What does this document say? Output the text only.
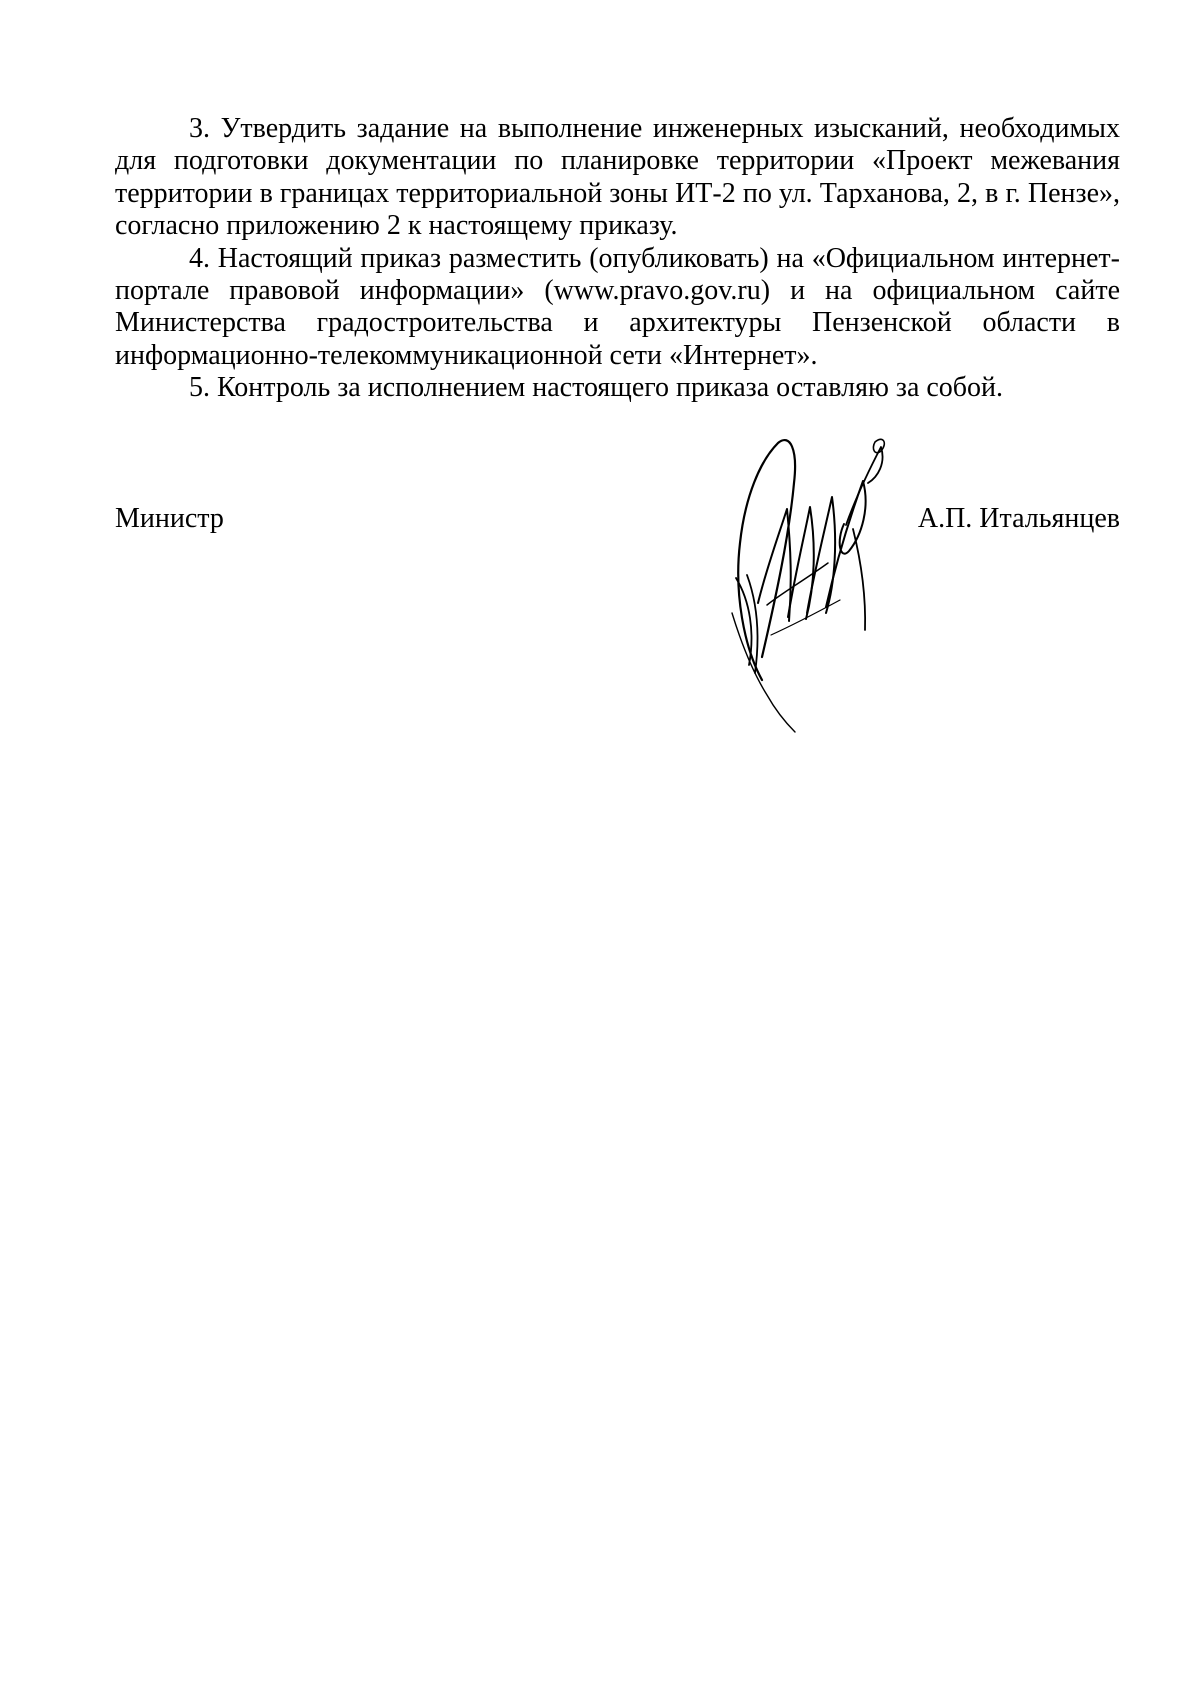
3. Утвердить задание на выполнение инженерных изысканий, необходимых для подготовки документации по планировке территории «Проект межевания территории в границах территориальной зоны ИТ-2 по ул. Тарханова, 2, в г. Пензе», согласно приложению 2 к настоящему приказу.

4. Настоящий приказ разместить (опубликовать) на «Официальном интернет-портале правовой информации» (www.pravo.gov.ru) и на официальном сайте Министерства градостроительства и архитектуры Пензенской области в информационно-телекоммуникационной сети «Интернет».

5. Контроль за исполнением настоящего приказа оставляю за собой.

Министр	А.П. Итальянцев
